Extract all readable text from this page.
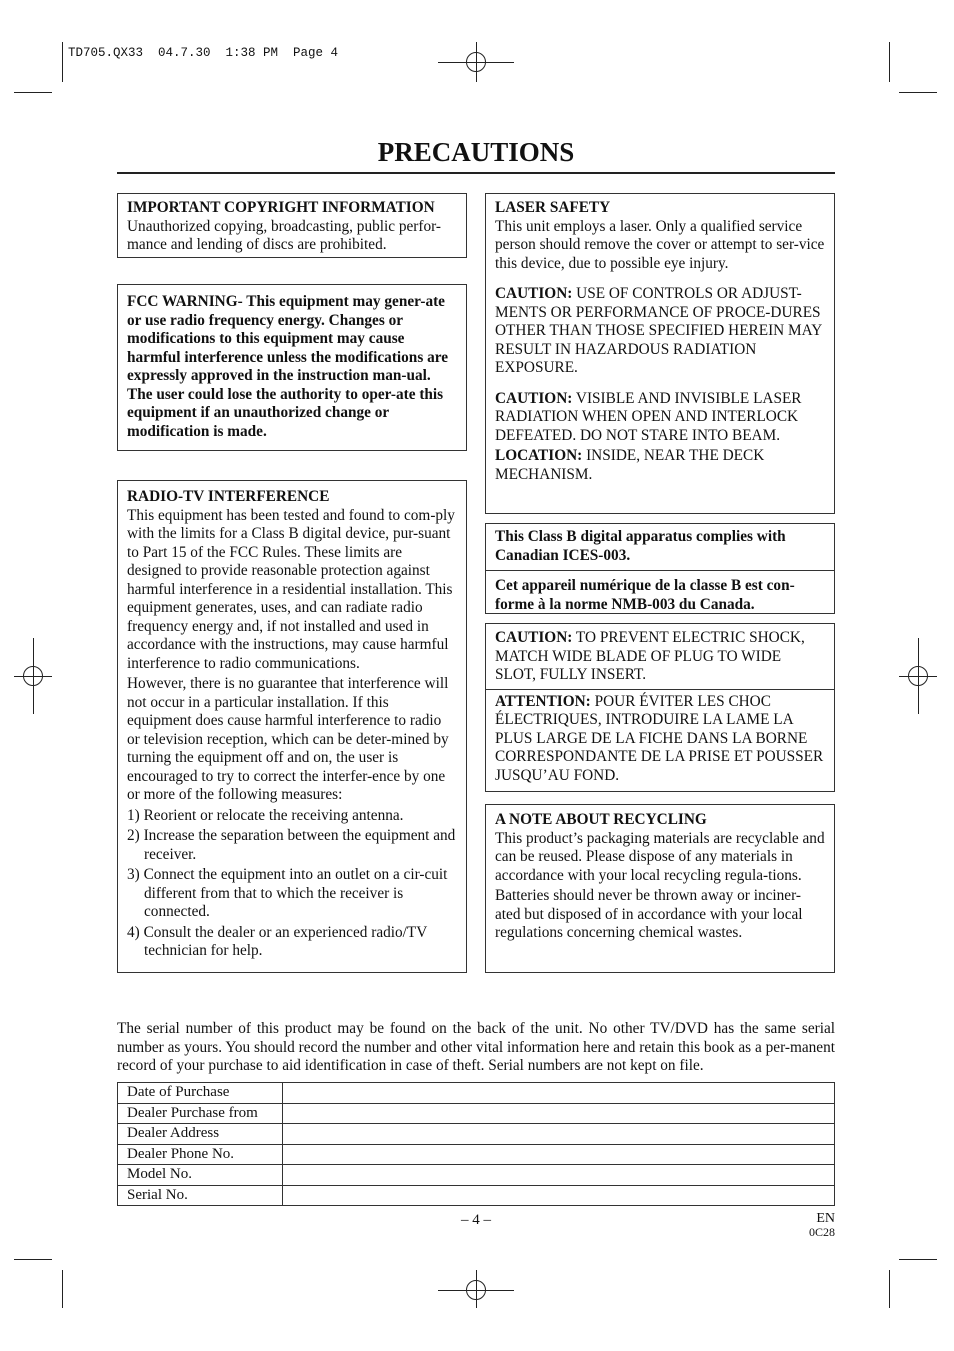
TD705.QX33  04.7.30  1:38 PM  Page 4
PRECAUTIONS

IMPORTANT COPYRIGHT INFORMATION

Unauthorized copying, broadcasting, public perfor-mance and lending of discs are prohibited.

FCC WARNING- This equipment may gener-ate or use radio frequency energy. Changes or modifications to this equipment may cause harmful interference unless the modifications are expressly approved in the instruction man-ual. The user could lose the authority to oper-ate this equipment if an unauthorized change or modification is made.

RADIO-TV INTERFERENCE

This equipment has been tested and found to com-ply with the limits for a Class B digital device, pur-suant to Part 15 of the FCC Rules. These limits are designed to provide reasonable protection against harmful interference in a residential installation. This equipment generates, uses, and can radiate radio frequency energy and, if not installed and used in accordance with the instructions, may cause harmful interference to radio communications.

However, there is no guarantee that interference will not occur in a particular installation. If this equipment does cause harmful interference to radio or television reception, which can be deter-mined by turning the equipment off and on, the user is encouraged to try to correct the interfer-ence by one or more of the following measures:

1) Reorient or relocate the receiving antenna.
2) Increase the separation between the equipment and receiver.
3) Connect the equipment into an outlet on a cir-cuit different from that to which the receiver is connected.
4) Consult the dealer or an experienced radio/TV technician for help.

LASER SAFETY

This unit employs a laser. Only a qualified service person should remove the cover or attempt to ser-vice this device, due to possible eye injury.

CAUTION: USE OF CONTROLS OR ADJUST-MENTS OR PERFORMANCE OF PROCE-DURES OTHER THAN THOSE SPECIFIED HEREIN MAY RESULT IN HAZARDOUS RADIATION EXPOSURE.

CAUTION: VISIBLE AND INVISIBLE LASER RADIATION WHEN OPEN AND INTERLOCK DEFEATED. DO NOT STARE INTO BEAM.

LOCATION: INSIDE, NEAR THE DECK MECHANISM.

This Class B digital apparatus complies with Canadian ICES-003.

Cet appareil numérique de la classe B est con-forme à la norme NMB-003 du Canada.

CAUTION: TO PREVENT ELECTRIC SHOCK, MATCH WIDE BLADE OF PLUG TO WIDE SLOT, FULLY INSERT.

ATTENTION: POUR ÉVITER LES CHOC ÉLECTRIQUES, INTRODUIRE LA LAME LA PLUS LARGE DE LA FICHE DANS LA BORNE CORRESPONDANTE DE LA PRISE ET POUSSER JUSQU’AU FOND.

A NOTE ABOUT RECYCLING

This product’s packaging materials are recyclable and can be reused. Please dispose of any materials in accordance with your local recycling regula-tions.

Batteries should never be thrown away or inciner-ated but disposed of in accordance with your local regulations concerning chemical wastes.

The serial number of this product may be found on the back of the unit. No other TV/DVD has the same serial number as yours. You should record the number and other vital information here and retain this book as a per-manent record of your purchase to aid identification in case of theft. Serial numbers are not kept on file.
Date of Purchase	
Dealer Purchase from	
Dealer Address	
Dealer Phone No.	
Model No.	
Serial No.	
– 4 –	EN
0C28
